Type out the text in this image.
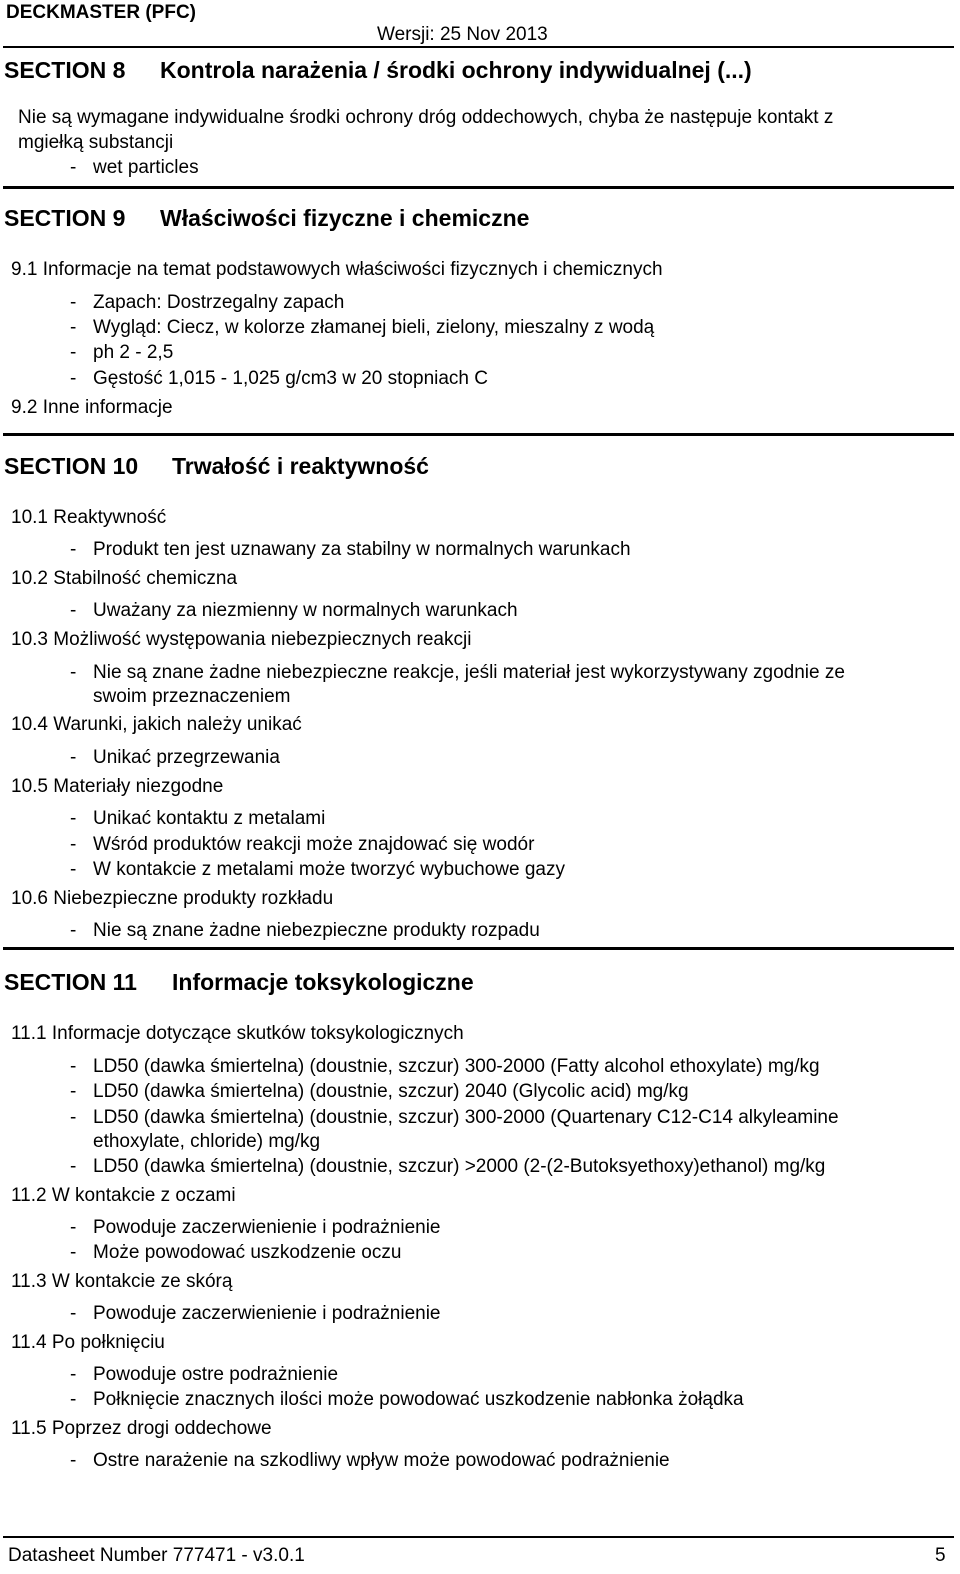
DECKMASTER (PFC)
Wersji: 25 Nov 2013
SECTION 8 Kontrola narażenia / środki ochrony indywidualnej (...)
Nie są wymagane indywidualne środki ochrony dróg oddechowych, chyba że następuje kontakt z
mgiełką substancji
- wet particles
SECTION 9 Właściwości fizyczne i chemiczne
9.1 Informacje na temat podstawowych właściwości fizycznych i chemicznych
- Zapach: Dostrzegalny zapach
- Wygląd: Ciecz, w kolorze złamanej bieli, zielony, mieszalny z wodą
- ph 2 - 2,5
- Gęstość 1,015 - 1,025 g/cm3 w 20 stopniach C
9.2 Inne informacje
SECTION 10 Trwałość i reaktywność
10.1 Reaktywność
- Produkt ten jest uznawany za stabilny w normalnych warunkach
10.2 Stabilność chemiczna
- Uważany za niezmienny w normalnych warunkach
10.3 Możliwość występowania niebezpiecznych reakcji
- Nie są znane żadne niebezpieczne reakcje, jeśli materiał jest wykorzystywany zgodnie ze
swoim przeznaczeniem
10.4 Warunki, jakich należy unikać
- Unikać przegrzewania
10.5 Materiały niezgodne
- Unikać kontaktu z metalami
- Wśród produktów reakcji może znajdować się wodór
- W kontakcie z metalami może tworzyć wybuchowe gazy
10.6 Niebezpieczne produkty rozkładu
- Nie są znane żadne niebezpieczne produkty rozpadu
SECTION 11 Informacje toksykologiczne
11.1 Informacje dotyczące skutków toksykologicznych
- LD50 (dawka śmiertelna) (doustnie, szczur) 300-2000 (Fatty alcohol ethoxylate) mg/kg
- LD50 (dawka śmiertelna) (doustnie, szczur) 2040 (Glycolic acid) mg/kg
- LD50 (dawka śmiertelna) (doustnie, szczur) 300-2000 (Quartenary C12-C14 alkyleamine
ethoxylate, chloride) mg/kg
- LD50 (dawka śmiertelna) (doustnie, szczur) >2000 (2-(2-Butoksyethoxy)ethanol) mg/kg
11.2 W kontakcie z oczami
- Powoduje zaczerwienienie i podrażnienie
- Może powodować uszkodzenie oczu
11.3 W kontakcie ze skórą
- Powoduje zaczerwienienie i podrażnienie
11.4 Po połknięciu
- Powoduje ostre podrażnienie
- Połknięcie znacznych ilości może powodować uszkodzenie nabłonka żołądka
11.5 Poprzez drogi oddechowe
- Ostre narażenie na szkodliwy wpływ może powodować podrażnienie
Datasheet Number 777471 - v3.0.1	5
